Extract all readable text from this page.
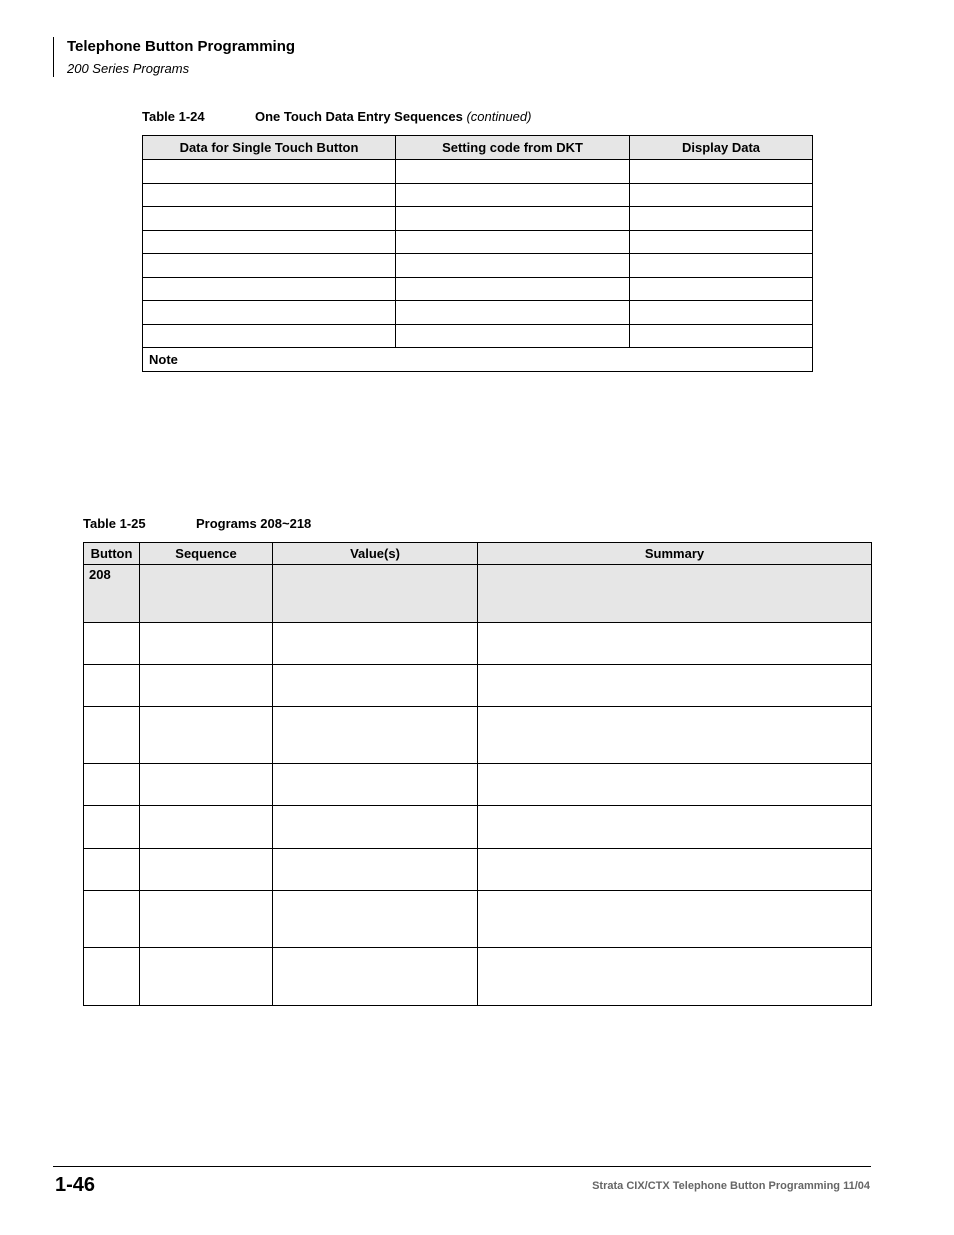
Telephone Button Programming
200 Series Programs
Table 1-24	One Touch Data Entry Sequences (continued)
Data for Single Touch Button	Setting code from DKT	Display Data

Note		
Table 1-25	Programs 208~218
Button	Sequence	Value(s)	Summary
208			

1-46	Strata CIX/CTX Telephone Button Programming 11/04
